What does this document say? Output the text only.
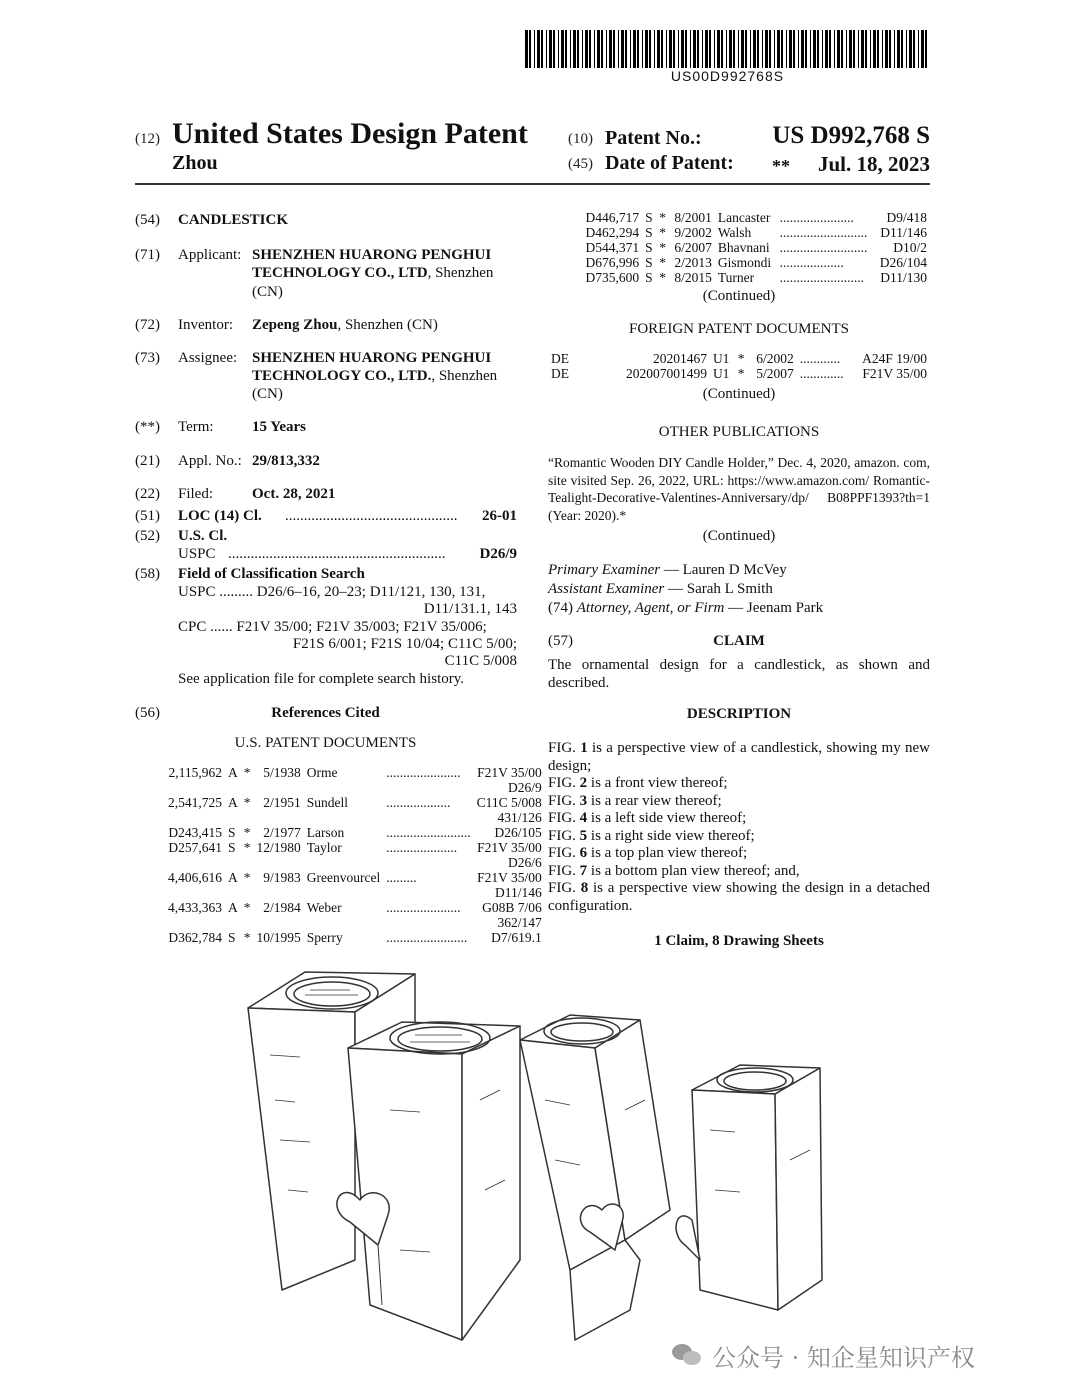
US00D992768S
(12) United States Design Patent
Zhou
(10) Patent No.:	US D992,768 S
(45) Date of Patent: **	Jul. 18, 2023
(54) CANDLESTICK
(71) Applicant: SHENZHEN HUARONG PENGHUI
TECHNOLOGY CO., LTD, Shenzhen
(CN)
(72) Inventor: Zepeng Zhou, Shenzhen (CN)
(73) Assignee: SHENZHEN HUARONG PENGHUI
TECHNOLOGY CO., LTD., Shenzhen
(CN)
(**) Term:	15 Years
(21) Appl. No.: 29/813,332
(22) Filed:	Oct. 28, 2021
(51) LOC (14) Cl. ..............................................	26-01
(52) U.S. Cl.
USPC ..........................................................	D26/9
(58) Field of Classification Search
USPC ......... D26/6–16, 20–23; D11/121, 130, 131,
D11/131.1, 143
CPC ...... F21V 35/00; F21V 35/003; F21V 35/006;
F21S 6/001; F21S 10/04; C11C 5/00;
C11C 5/008
See application file for complete search history.
(56)	References Cited
U.S. PATENT DOCUMENTS
2,115,962	A	*	5/1938	Orme	......................	F21V 35/00
D26/9						
2,541,725	A	*	2/1951	Sundell	...................	C11C 5/008
431/126						
D243,415	S	*	2/1977	Larson	.........................	D26/105
D257,641	S	*	12/1980	Taylor	.....................	F21V 35/00
D26/6						
4,406,616	A	*	9/1983	Greenvourcel	.........	F21V 35/00
D11/146						
4,433,363	A	*	2/1984	Weber	......................	G08B 7/06
362/147						
D362,784	S	*	10/1995	Sperry	........................	D7/619.1
D446,717	S	*	8/2001	Lancaster	......................	D9/418
D462,294	S	*	9/2002	Walsh	..........................	D11/146
D544,371	S	*	6/2007	Bhavnani	..........................	D10/2
D676,996	S	*	2/2013	Gismondi	...................	D26/104
D735,600	S	*	8/2015	Turner	.........................	D11/130
(Continued)
FOREIGN PATENT DOCUMENTS
DE	20201467	U1	*	6/2002	............	A24F 19/00
DE	202007001499	U1	*	5/2007	.............	F21V 35/00
(Continued)
OTHER PUBLICATIONS
“Romantic Wooden DIY Candle Holder,” Dec. 4, 2020, amazon. com, site visited Sep. 26, 2022, URL: https://www.amazon.com/ Romantic-Tealight-Decorative-Valentines-Anniversary/dp/ B08PPF1393?th=1 (Year: 2020).*
(Continued)
Primary Examiner — Lauren D McVey
Assistant Examiner — Sarah L Smith
(74) Attorney, Agent, or Firm — Jeenam Park
(57)	CLAIM
The ornamental design for a candlestick, as shown and described.
DESCRIPTION
FIG. 1 is a perspective view of a candlestick, showing my new design;
FIG. 2 is a front view thereof;
FIG. 3 is a rear view thereof;
FIG. 4 is a left side view thereof;
FIG. 5 is a right side view thereof;
FIG. 6 is a top plan view thereof;
FIG. 7 is a bottom plan view thereof; and,
FIG. 8 is a perspective view showing the design in a detached configuration.
1 Claim, 8 Drawing Sheets
公众号 · 知企星知识产权
